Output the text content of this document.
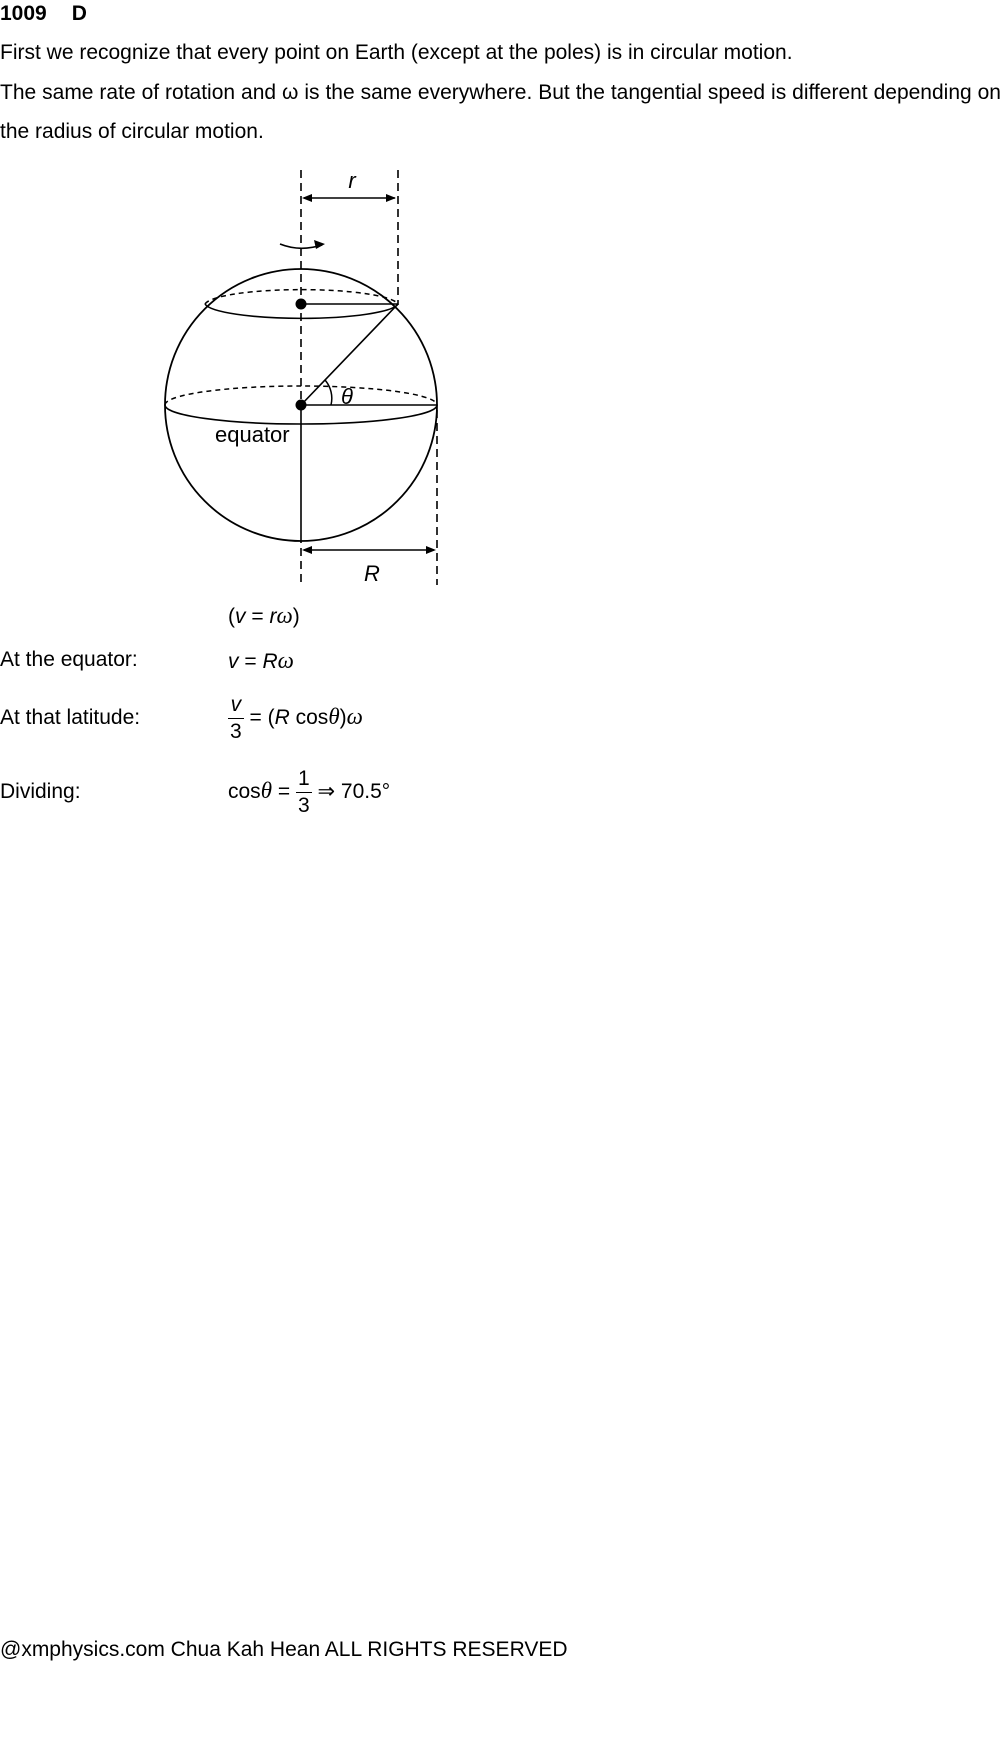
1009 D
First we recognize that every point on Earth (except at the poles) is in circular motion.
The same rate of rotation and ω is the same everywhere. But the tangential speed is different depending on the radius of circular motion.
r
θ
equator
R
(v = rω)
At the equator:	v = Rω
At that latitude:	$\frac{v}{3} = (R$ cosθ)ω
Dividing:	$\cos\theta = \frac{1}{3}$ ⇒ 70.5°
@xmphysics.com Chua Kah Hean ALL RIGHTS RESERVED
